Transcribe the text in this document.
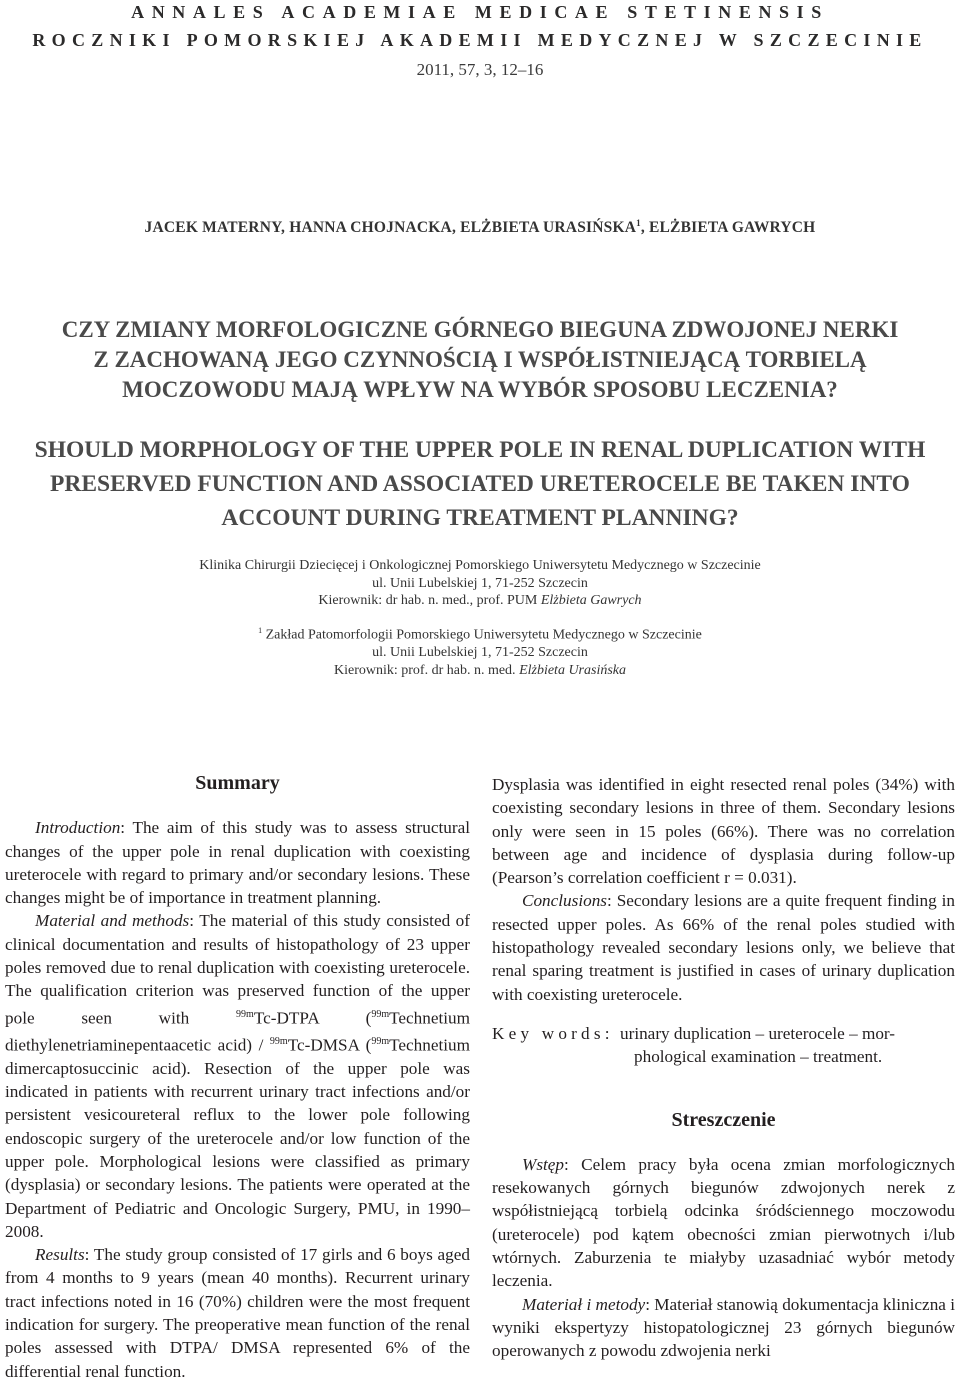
ANNALES ACADEMIAE MEDICAE STETINENSIS
ROCZNIKI POMORSKIEJ AKADEMII MEDYCZNEJ W SZCZECINIE
2011, 57, 3, 12–16
JACEK MATERNY, HANNA CHOJNACKA, ELŻBIETA URASIŃSKA$^1$, ELŻBIETA GAWRYCH
CZY ZMIANY MORFOLOGICZNE GÓRNEGO BIEGUNA ZDWOJONEJ NERKI
Z ZACHOWANĄ JEGO CZYNNOŚCIĄ I WSPÓŁISTNIEJĄCĄ TORBIELĄ
MOCZOWODU MAJĄ WPŁYW NA WYBÓR SPOSOBU LECZENIA?
SHOULD MORPHOLOGY OF THE UPPER POLE IN RENAL DUPLICATION WITH
PRESERVED FUNCTION AND ASSOCIATED URETEROCELE BE TAKEN INTO
ACCOUNT DURING TREATMENT PLANNING?
Klinika Chirurgii Dziecięcej i Onkologicznej Pomorskiego Uniwersytetu Medycznego w Szczecinie
ul. Unii Lubelskiej 1, 71-252 Szczecin
Kierownik: dr hab. n. med., prof. PUM Elżbieta Gawrych
$^1$ Zakład Patomorfologii Pomorskiego Uniwersytetu Medycznego w Szczecinie
ul. Unii Lubelskiej 1, 71-252 Szczecin
Kierownik: prof. dr hab. n. med. Elżbieta Urasińska
Summary

Introduction: The aim of this study was to assess structural changes of the upper pole in renal duplication with coexisting ureterocele with regard to primary and/or secondary lesions. These changes might be of importance in treatment planning.

Material and methods: The material of this study consisted of clinical documentation and results of histopathology of 23 upper poles removed due to renal duplication with coexisting ureterocele. The qualification criterion was preserved function of the upper pole seen with $^{99m}$Tc-DTPA ($^{99m}$Technetium diethylenetriaminepentaacetic acid) / $^{99m}$Tc-DMSA ($^{99m}$Technetium dimercaptosuccinic acid). Resection of the upper pole was indicated in patients with recurrent urinary tract infections and/or persistent vesicoureteral reflux to the lower pole following endoscopic surgery of the ureterocele and/or low function of the upper pole. Morphological lesions were classified as primary (dysplasia) or secondary lesions. The patients were operated at the Department of Pediatric and Oncologic Surgery, PMU, in 1990–2008.

Results: The study group consisted of 17 girls and 6 boys aged from 4 months to 9 years (mean 40 months). Recurrent urinary tract infections noted in 16 (70%) children were the most frequent indication for surgery. The preoperative mean function of the renal poles assessed with DTPA/ DMSA represented 6% of the differential renal function.

Dysplasia was identified in eight resected renal poles (34%) with coexisting secondary lesions in three of them. Secondary lesions only were seen in 15 poles (66%). There was no correlation between age and incidence of dysplasia during follow-up (Pearson’s correlation coefficient r = 0.031).

Conclusions: Secondary lesions are a quite frequent finding in resected upper poles. As 66% of the renal poles studied with histopathology revealed secondary lesions only, we believe that renal sparing treatment is justified in cases of urinary duplication with coexisting ureterocele.

Key words: urinary duplication – ureterocele – mor-
phological examination – treatment.
Streszczenie

Wstęp: Celem pracy była ocena zmian morfologicznych resekowanych górnych biegunów zdwojonych nerek z współistniejącą torbielą odcinka śródściennego moczowodu (ureterocele) pod kątem obecności zmian pierwotnych i/lub wtórnych. Zaburzenia te miałyby uzasadniać wybór metody leczenia.

Materiał i metody: Materiał stanowią dokumentacja kliniczna i wyniki ekspertyzy histopatologicznej 23 górnych biegunów operowanych z powodu zdwojenia nerki
